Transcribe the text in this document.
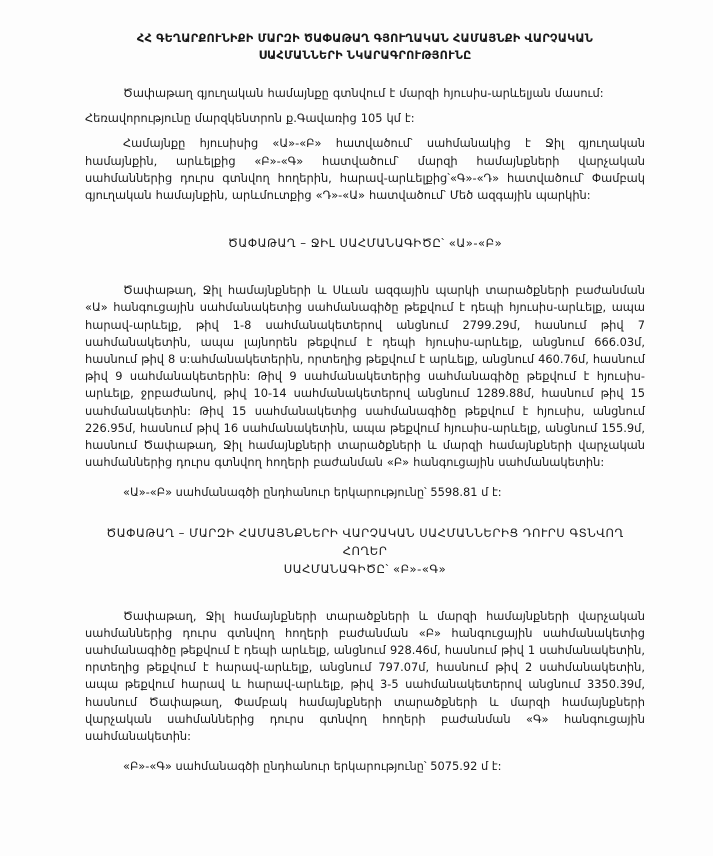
ՀՀ ԳԵՂԱՐՔՈՒՆԻՔԻ ՄԱՐԶԻ ԾԱՓԱԹԱՂ ԳՅՈՒՂԱԿԱՆ ՀԱՄԱՅՆՔԻ ՎԱՐՉԱԿԱՆ
ՍԱՀՄԱՆՆԵՐԻ ՆԿԱՐԱԳՐՈՒԹՅՈՒՆԸ

Ծափաթաղ գյուղական համայնքը գտնվում է մարզի հյուսիս-արևելյան մասում:

Հեռավորությունը մարզկենտրոն ք.Գավառից 105 կմ է:

Համայնքը հյուսիսից «Ա»-«Բ» հատվածում՝ սահմանակից է Ջիլ գյուղական համայնքին, արևելքից «Բ»-«Գ» հատվածում՝ մարզի համայնքների վարչական սահմաններից դուրս գտնվող հողերին, հարավ-արևելքից՝«Գ»-«Դ» հատվածում՝ Փամբակ գյուղական համայնքին, արևմուտքից «Դ»-«Ա» հատվածում՝ Մեծ ազգային պարկին:

ԾԱՓԱԹԱՂ – ՋԻԼ ՍԱՀՄԱՆԱԳԻԾԸ՝ «Ա»-«Բ»

Ծափաթաղ, Ջիլ համայնքների և Սևան ազգային պարկի տարածքների բաժանման «Ա» հանգուցային սահմանակետից սահմանագիծը թեքվում է դեպի հյուսիս-արևելք, ապա հարավ-արևելք, թիվ 1-8 սահմանակետերով անցնում 2799.29մ, հասնում թիվ 7 սահմանակետին, ապա լայնորեն թեքվում է դեպի հյուսիս-արևելք, անցնում 666.03մ, հասնում թիվ 8 ս:ահմանակետերին, որտեղից թեքվում է արևելք, անցնում 460.76մ, հասնում թիվ 9 սահմանակետերին: Թիվ 9 սահմանակետերից սահմանագիծը թեքվում է հյուսիս-արևելք, ջրբաժանով, թիվ 10-14 սահմանակետերով անցնում 1289.88մ, հասնում թիվ 15 սահմանակետին: Թիվ 15 սահմանակետից սահմանագիծը թեքվում է հյուսիս, անցնում 226.95մ, հասնում թիվ 16 սահմանակետին, ապա թեքվում հյուսիս-արևելք, անցնում 155.9մ, հասնում Ծափաթաղ, Ջիլ համայնքների տարածքների և մարզի համայնքների վարչական սահմաններից դուրս գտնվող հողերի բաժանման «Բ» հանգուցային սահմանակետին:

«Ա»-«Բ» սահմանագծի ընդհանուր երկարությունը՝ 5598.81 մ է:

ԾԱՓԱԹԱՂ – ՄԱՐԶԻ ՀԱՄԱՅՆՔՆԵՐԻ ՎԱՐՉԱԿԱՆ ՍԱՀՄԱՆՆԵՐԻՑ ԴՈՒՐՍ ԳՏՆՎՈՂ ՀՈՂԵՐ
ՍԱՀՄԱՆԱԳԻԾԸ՝ «Բ»-«Գ»

Ծափաթաղ, Ջիլ համայնքների տարածքների և մարզի համայնքների վարչական սահմաններից դուրս գտնվող հողերի բաժանման «Բ» հանգուցային սահմանակետից սահմանագիծը թեքվում է դեպի արևելք, անցնում 928.46մ, հասնում թիվ 1 սահմանակետին, որտեղից թեքվում է հարավ-արևելք, անցնում 797.07մ, հասնում թիվ 2 սահմանակետին, ապա թեքվում հարավ և հարավ-արևելք, թիվ 3-5 սահմանակետերով անցնում 3350.39մ, հասնում Ծափաթաղ, Փամբակ համայնքների տարածքների և մարզի համայնքների վարչական սահմաններից դուրս գտնվող հողերի բաժանման «Գ» հանգուցային սահմանակետին:

«Բ»-«Գ» սահմանագծի ընդհանուր երկարությունը՝ 5075.92 մ է:
